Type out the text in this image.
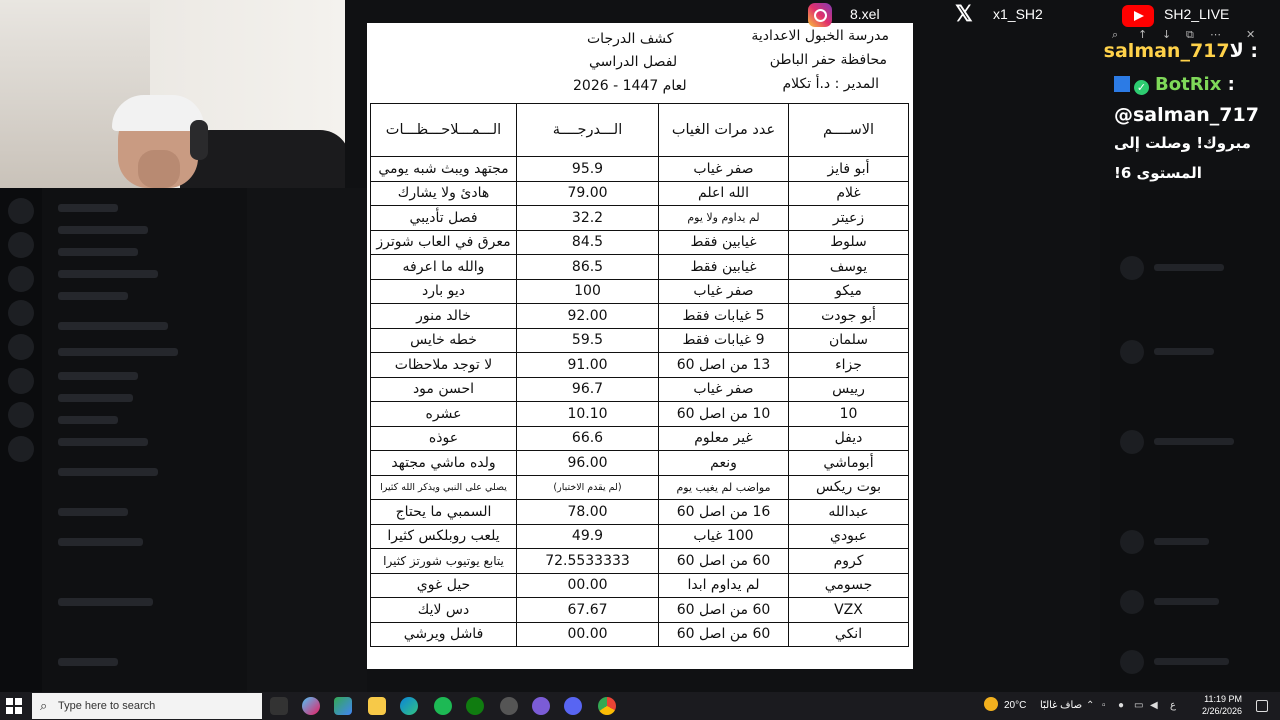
مدرسة الخبول الاعدادية
محافظة حفر الباطن
المدير : د.أ تكلام
كشف الدرجات
لفصل الدراسي
لعام 1447 - 2026
الاســــم	عدد مرات الغياب	الـــدرجــــة	الـــمـــلاحـــظـــات
أبو فايز	صفر غياب	95.9	مجتهد ويبث شبه يومي
غلام	الله اعلم	79.00	هادئ ولا يشارك
زعيتر	لم يداوم ولا يوم	32.2	فصل تأديبي
سلوط	غيابين فقط	84.5	معرق في العاب شوترز
يوسف	غيابين فقط	86.5	والله ما اعرفه
ميكو	صفر غياب	100	ديو بارد
أبو جودت	5 غيابات فقط	92.00	خالد منور
سلمان	9 غيابات فقط	59.5	خطه خايس
جزاء	13 من اصل 60	91.00	لا توجد ملاحظات
رييس	صفر غياب	96.7	احسن مود
10	10 من اصل 60	10.10	عشره
ديفل	غير معلوم	66.6	عوذه
أبوماشي	ونعم	96.00	ولده ماشي مجتهد
بوت ريكس	مواضب لم يغيب يوم	(لم يقدم الاختبار)	يصلي على النبي ويذكر الله كثيرا
عبدالله	16 من اصل 60	78.00	السمبي ما يحتاج
عبودي	100 غياب	49.9	يلعب روبلكس كثيرا
كروم	60 من اصل 60	72.5533333	يتابع يوتيوب شورتز كثيرا
جسومي	لم يداوم ابدا	00.00	حيل غوي
VZX	60 من اصل 60	67.67	دس لايك
انكي	60 من اصل 60	00.00	فاشل ويرشي
8.xel	𝕏 x1_SH2	SH2_LIVE
⌕ ↑ ↓ ⧉ ⋯ ✕
salman_717لا :
✓ BotRix :
@salman_717
مبروك! وصلت إلى
المستوى 6!
⌕ Type here to search	20°C صاف غالبًا ⌃ ▫ ● ▭ ◀ ع
11:19 PM
2/26/2026
